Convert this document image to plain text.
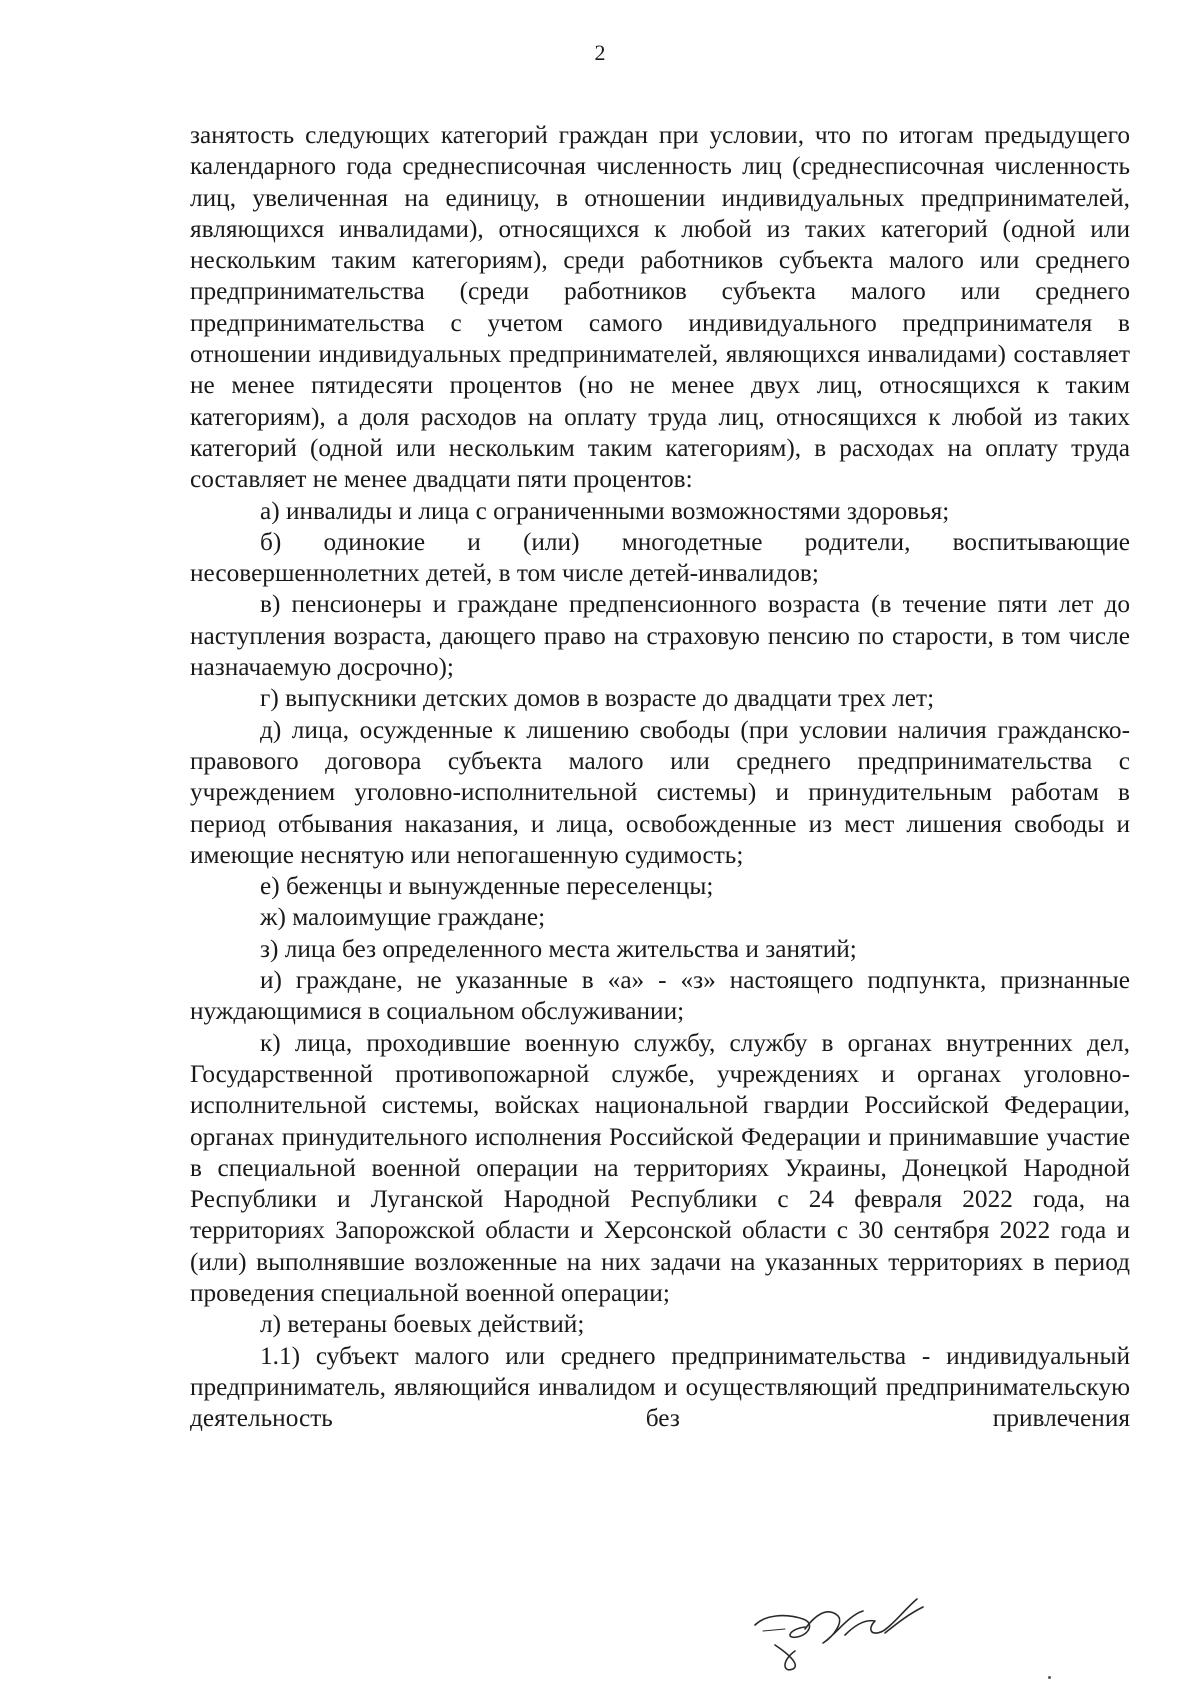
2

занятость следующих категорий граждан при условии, что по итогам предыдущего календарного года среднесписочная численность лиц (среднесписочная численность лиц, увеличенная на единицу, в отношении индивидуальных предпринимателей, являющихся инвалидами), относящихся к любой из таких категорий (одной или нескольким таким категориям), среди работников субъекта малого или среднего предпринимательства (среди работников субъекта малого или среднего предпринимательства с учетом самого индивидуального предпринимателя в отношении индивидуальных предпринимателей, являющихся инвалидами) составляет не менее пятидесяти процентов (но не менее двух лиц, относящихся к таким категориям), а доля расходов на оплату труда лиц, относящихся к любой из таких категорий (одной или нескольким таким категориям), в расходах на оплату труда составляет не менее двадцати пяти процентов:

а) инвалиды и лица с ограниченными возможностями здоровья;

б) одинокие и (или) многодетные родители, воспитывающие несовершеннолетних детей, в том числе детей-инвалидов;

в) пенсионеры и граждане предпенсионного возраста (в течение пяти лет до наступления возраста, дающего право на страховую пенсию по старости, в том числе назначаемую досрочно);

г) выпускники детских домов в возрасте до двадцати трех лет;

д) лица, осужденные к лишению свободы (при условии наличия гражданско-правового договора субъекта малого или среднего предпринимательства с учреждением уголовно-исполнительной системы) и принудительным работам в период отбывания наказания, и лица, освобожденные из мест лишения свободы и имеющие неснятую или непогашенную судимость;

е) беженцы и вынужденные переселенцы;

ж) малоимущие граждане;

з) лица без определенного места жительства и занятий;

и) граждане, не указанные в «а» - «з» настоящего подпункта, признанные нуждающимися в социальном обслуживании;

к) лица, проходившие военную службу, службу в органах внутренних дел, Государственной противопожарной службе, учреждениях и органах уголовно-исполнительной системы, войсках национальной гвардии Российской Федерации, органах принудительного исполнения Российской Федерации и принимавшие участие в специальной военной операции на территориях Украины, Донецкой Народной Республики и Луганской Народной Республики с 24 февраля 2022 года, на территориях Запорожской области и Херсонской области с 30 сентября 2022 года и (или) выполнявшие возложенные на них задачи на указанных территориях в период проведения специальной военной операции;

л) ветераны боевых действий;

1.1) субъект малого или среднего предпринимательства - индивидуальный предприниматель, являющийся инвалидом и осуществляющий предпринимательскую деятельность без привлечения
